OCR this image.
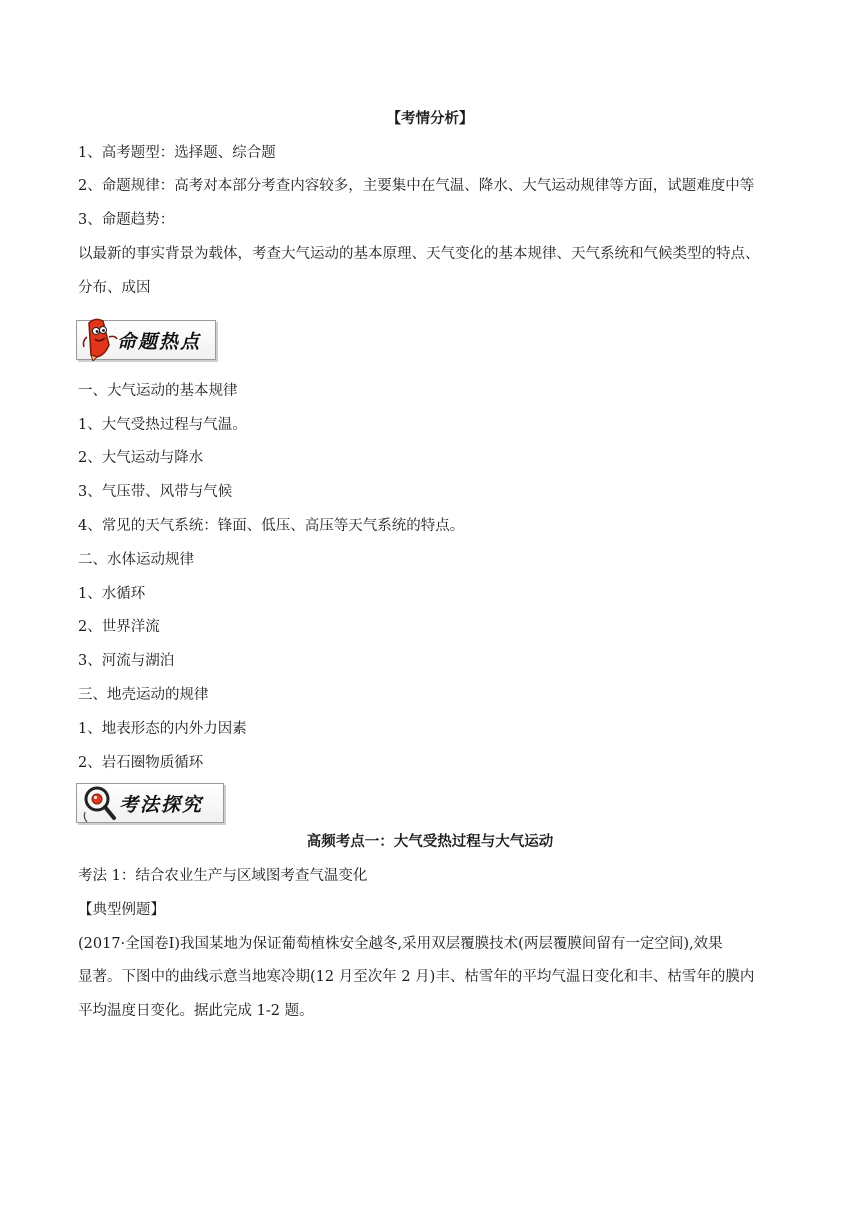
【考情分析】
1、高考题型：选择题、综合题
2、命题规律：高考对本部分考查内容较多，主要集中在气温、降水、大气运动规律等方面，试题难度中等
3、命题趋势：
以最新的事实背景为载体，考查大气运动的基本原理、天气变化的基本规律、天气系统和气候类型的特点、
分布、成因
命题热点
一、大气运动的基本规律
1、大气受热过程与气温。
2、大气运动与降水
3、气压带、风带与气候
4、常见的天气系统：锋面、低压、高压等天气系统的特点。
二、水体运动规律
1、水循环
2、世界洋流
3、河流与湖泊
三、地壳运动的规律
1、地表形态的内外力因素
2、岩石圈物质循环
考法探究
高频考点一：大气受热过程与大气运动
考法 1：结合农业生产与区域图考查气温变化
【典型例题】
(2017·全国卷Ⅰ)我国某地为保证葡萄植株安全越冬,采用双层覆膜技术(两层覆膜间留有一定空间),效果
显著。下图中的曲线示意当地寒冷期(12 月至次年 2 月)丰、枯雪年的平均气温日变化和丰、枯雪年的膜内
平均温度日变化。据此完成 1-2 题。
